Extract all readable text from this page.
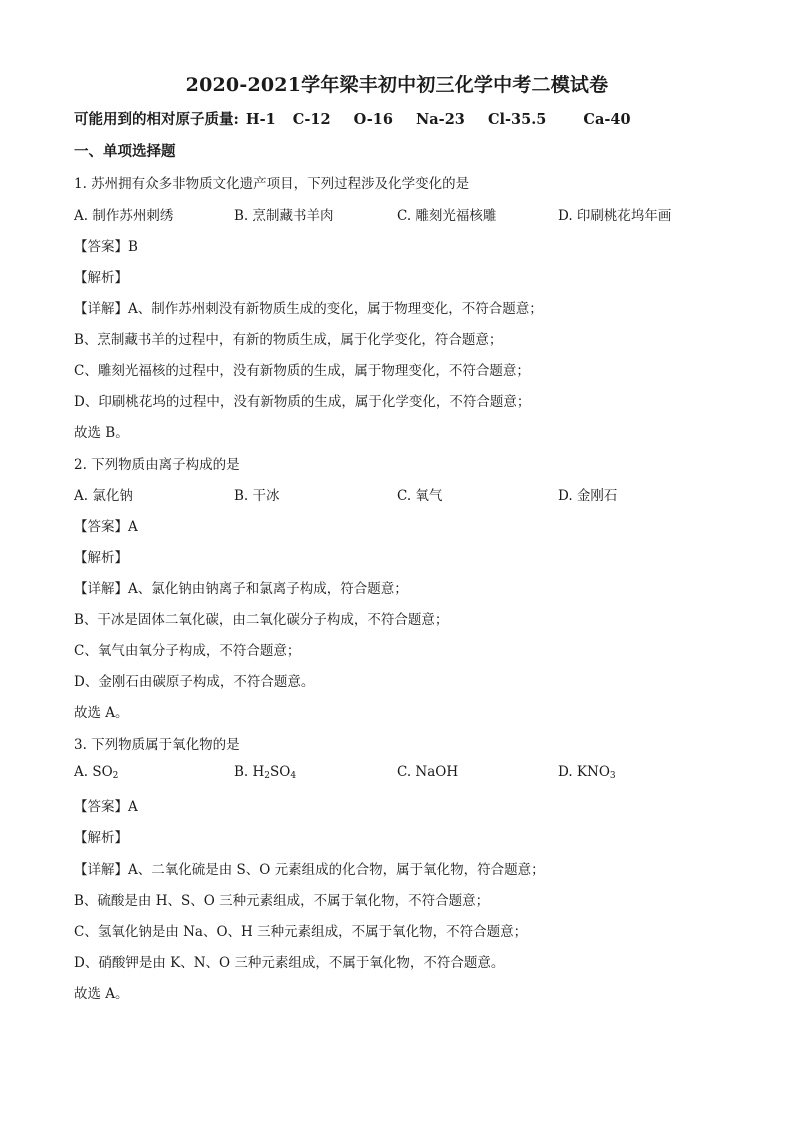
2020-2021学年梁丰初中初三化学中考二模试卷
可能用到的相对原子质量: H-1 C-12 O-16 Na-23 Cl-35.5	Ca-40
一、单项选择题
1. 苏州拥有众多非物质文化遗产项目，下列过程涉及化学变化的是
A. 制作苏州刺绣	B. 烹制藏书羊肉	C. 雕刻光福核雕	D. 印刷桃花坞年画
【答案】B
【解析】
【详解】A、制作苏州刺没有新物质生成的变化，属于物理变化，不符合题意；
B、烹制藏书羊的过程中，有新的物质生成，属于化学变化，符合题意；
C、雕刻光福核的过程中，没有新物质的生成，属于物理变化，不符合题意；
D、印刷桃花坞的过程中，没有新物质的生成，属于化学变化，不符合题意；
故选 B。
2. 下列物质由离子构成的是
A. 氯化钠	B. 干冰	C. 氧气	D. 金刚石
【答案】A
【解析】
【详解】A、氯化钠由钠离子和氯离子构成，符合题意；
B、干冰是固体二氧化碳，由二氧化碳分子构成，不符合题意；
C、氧气由氧分子构成，不符合题意；
D、金刚石由碳原子构成，不符合题意。
故选 A。
3. 下列物质属于氧化物的是
A. $SO_2$	B. $H_2SO_4$	C. NaOH	D. $KNO_3$
【答案】A
【解析】
【详解】A、二氧化硫是由 S、O 元素组成的化合物，属于氧化物，符合题意；
B、硫酸是由 H、S、O 三种元素组成，不属于氧化物，不符合题意；
C、氢氧化钠是由 Na、O、H 三种元素组成，不属于氧化物，不符合题意；
D、硝酸钾是由 K、N、O 三种元素组成，不属于氧化物，不符合题意。
故选 A。
